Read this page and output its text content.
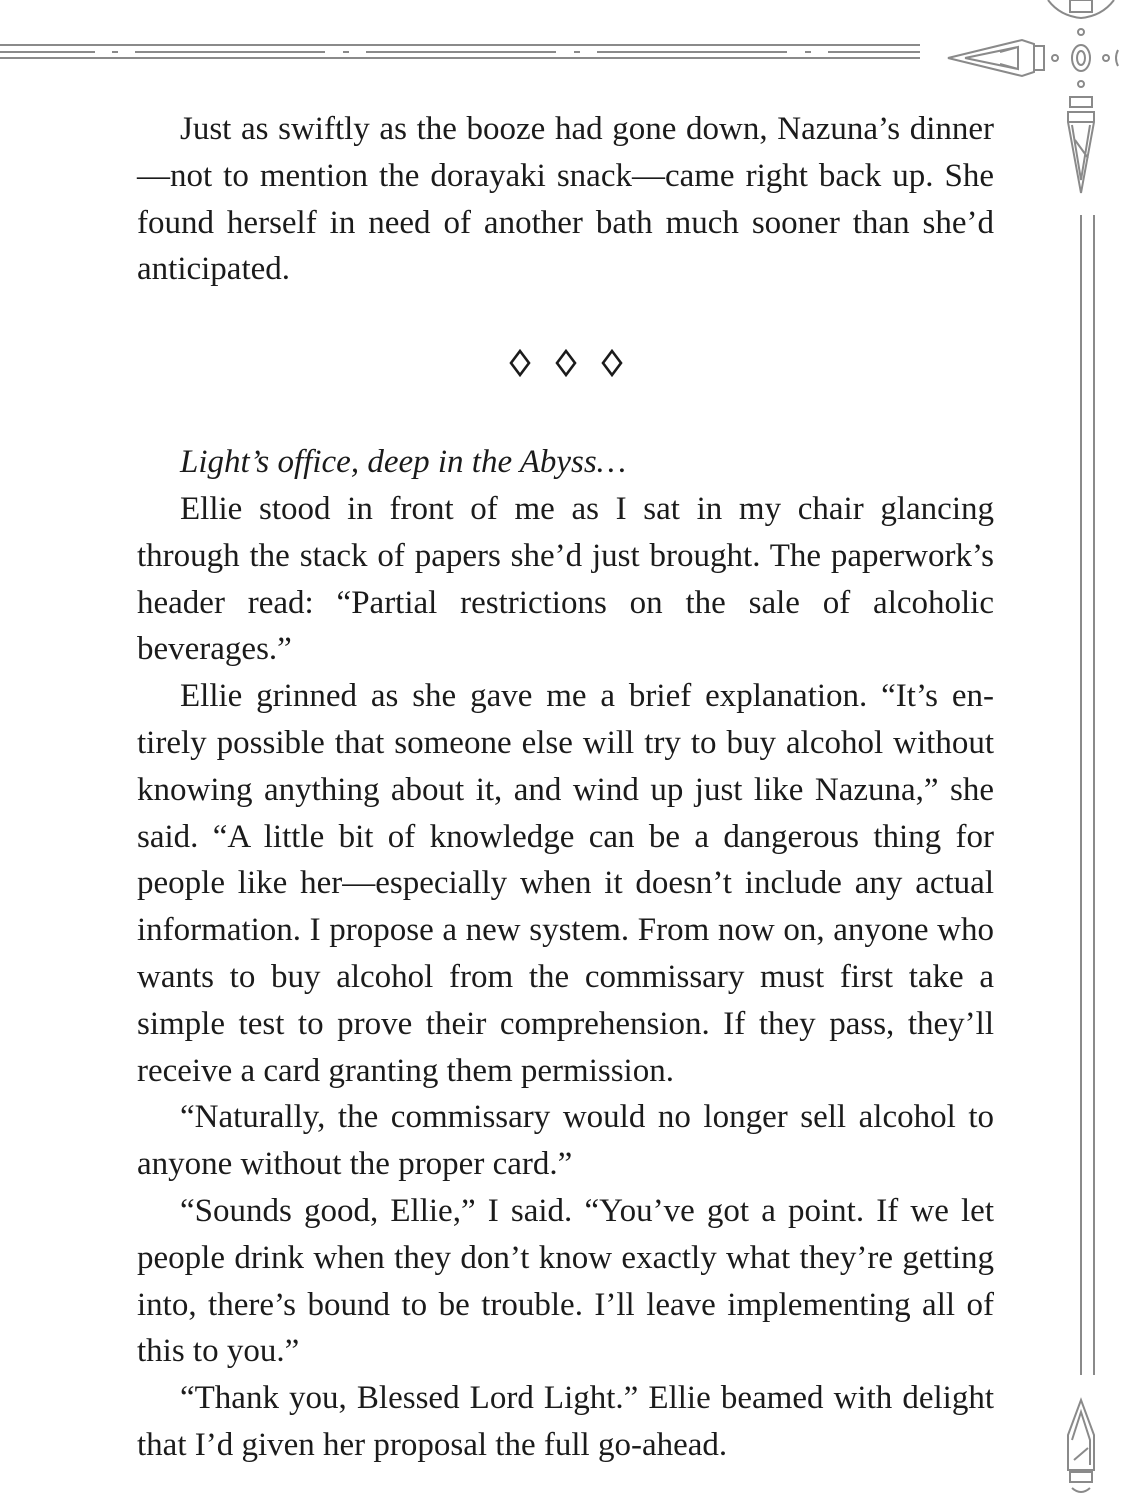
Just as swiftly as the booze had gone down, Nazuna’s dinner—not to mention the dorayaki snack—came right back up. She found herself in need of another bath much sooner than she’d anticipated.

Light’s office, deep in the Abyss…

Ellie stood in front of me as I sat in my chair glancing through the stack of papers she’d just brought. The paperwork’s header read: “Partial restrictions on the sale of alcoholic beverages.”

Ellie grinned as she gave me a brief explanation. “It’s entirely possible that someone else will try to buy alcohol without knowing anything about it, and wind up just like Nazuna,” she said. “A little bit of knowledge can be a dangerous thing for people like her—especially when it doesn’t include any actual information. I propose a new system. From now on, anyone who wants to buy alcohol from the commissary must first take a simple test to prove their comprehension. If they pass, they’ll receive a card granting them permission.

“Naturally, the commissary would no longer sell alcohol to anyone without the proper card.”

“Sounds good, Ellie,” I said. “You’ve got a point. If we let people drink when they don’t know exactly what they’re getting into, there’s bound to be trouble. I’ll leave implementing all of this to you.”

“Thank you, Blessed Lord Light.” Ellie beamed with delight that I’d given her proposal the full go-ahead.
